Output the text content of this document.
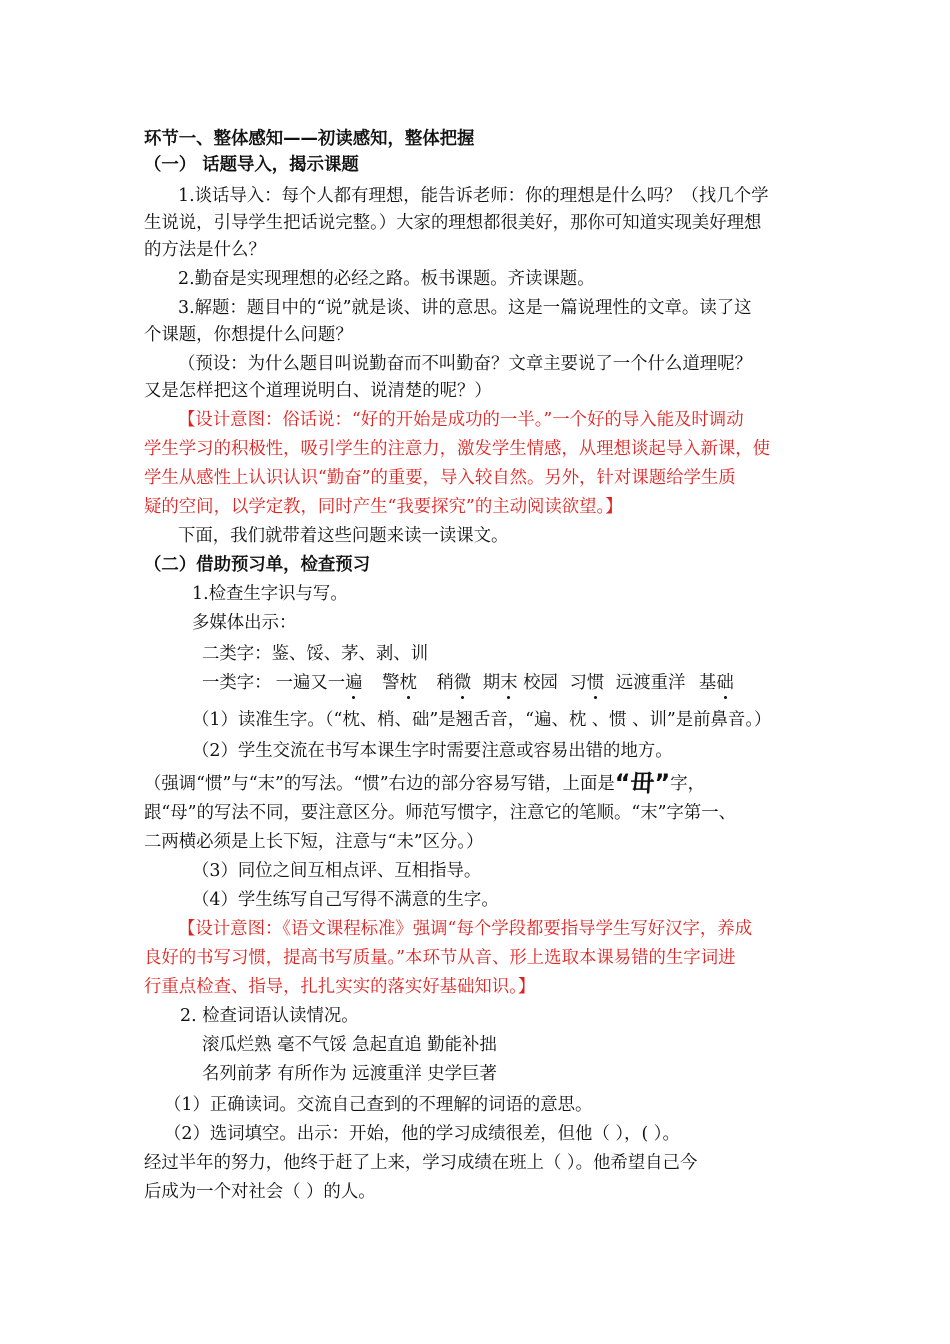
环节一、整体感知——初读感知，整体把握
（一） 话题导入，揭示课题
1.谈话导入：每个人都有理想，能告诉老师：你的理想是什么吗？（找几个学
生说说，引导学生把话说完整。）大家的理想都很美好，那你可知道实现美好理想
的方法是什么？
2.勤奋是实现理想的必经之路。板书课题。齐读课题。
3.解题：题目中的“说”就是谈、讲的意思。这是一篇说理性的文章。读了这
个课题，你想提什么问题？
（预设：为什么题目叫说勤奋而不叫勤奋？文章主要说了一个什么道理呢？
又是怎样把这个道理说明白、说清楚的呢？）
【设计意图：俗话说：“好的开始是成功的一半。”一个好的导入能及时调动
学生学习的积极性，吸引学生的注意力，激发学生情感，从理想谈起导入新课，使
学生从感性上认识认识“勤奋”的重要，导入较自然。另外，针对课题给学生质
疑的空间，以学定教，同时产生“我要探究”的主动阅读欲望。】
下面，我们就带着这些问题来读一读课文。
（二）借助预习单，检查预习
1.检查生字识与写。
多媒体出示：
二类字：鉴、馁、茅、剥、训
一类字： 一遍又一遍 警枕 稍微 期末 校园 习惯 远渡重洋 基础
（1）读准生字。（“枕、梢、础”是翘舌音，“遍、枕 、惯 、训”是前鼻音。）
（2）学生交流在书写本课生字时需要注意或容易出错的地方。
（强调“惯”与“末”的写法。“惯”右边的部分容易写错，上面是“毌”字，
跟“母”的写法不同，要注意区分。师范写惯字，注意它的笔顺。“末”字第一、
二两横必须是上长下短，注意与“未”区分。）
（3）同位之间互相点评、互相指导。
（4）学生练写自己写得不满意的生字。
【设计意图：《语文课程标准》强调“每个学段都要指导学生写好汉字，养成
良好的书写习惯，提高书写质量。”本环节从音、形上选取本课易错的生字词进
行重点检查、指导，扎扎实实的落实好基础知识。】
2. 检查词语认读情况。
滚瓜烂熟 毫不气馁 急起直追 勤能补拙
名列前茅 有所作为 远渡重洋 史学巨著
（1）正确读词。交流自己查到的不理解的词语的意思。
（2）选词填空。出示：开始，他的学习成绩很差，但他（ ），( ）。
经过半年的努力，他终于赶了上来，学习成绩在班上（ ）。他希望自己今
后成为一个对社会（ ）的人。
